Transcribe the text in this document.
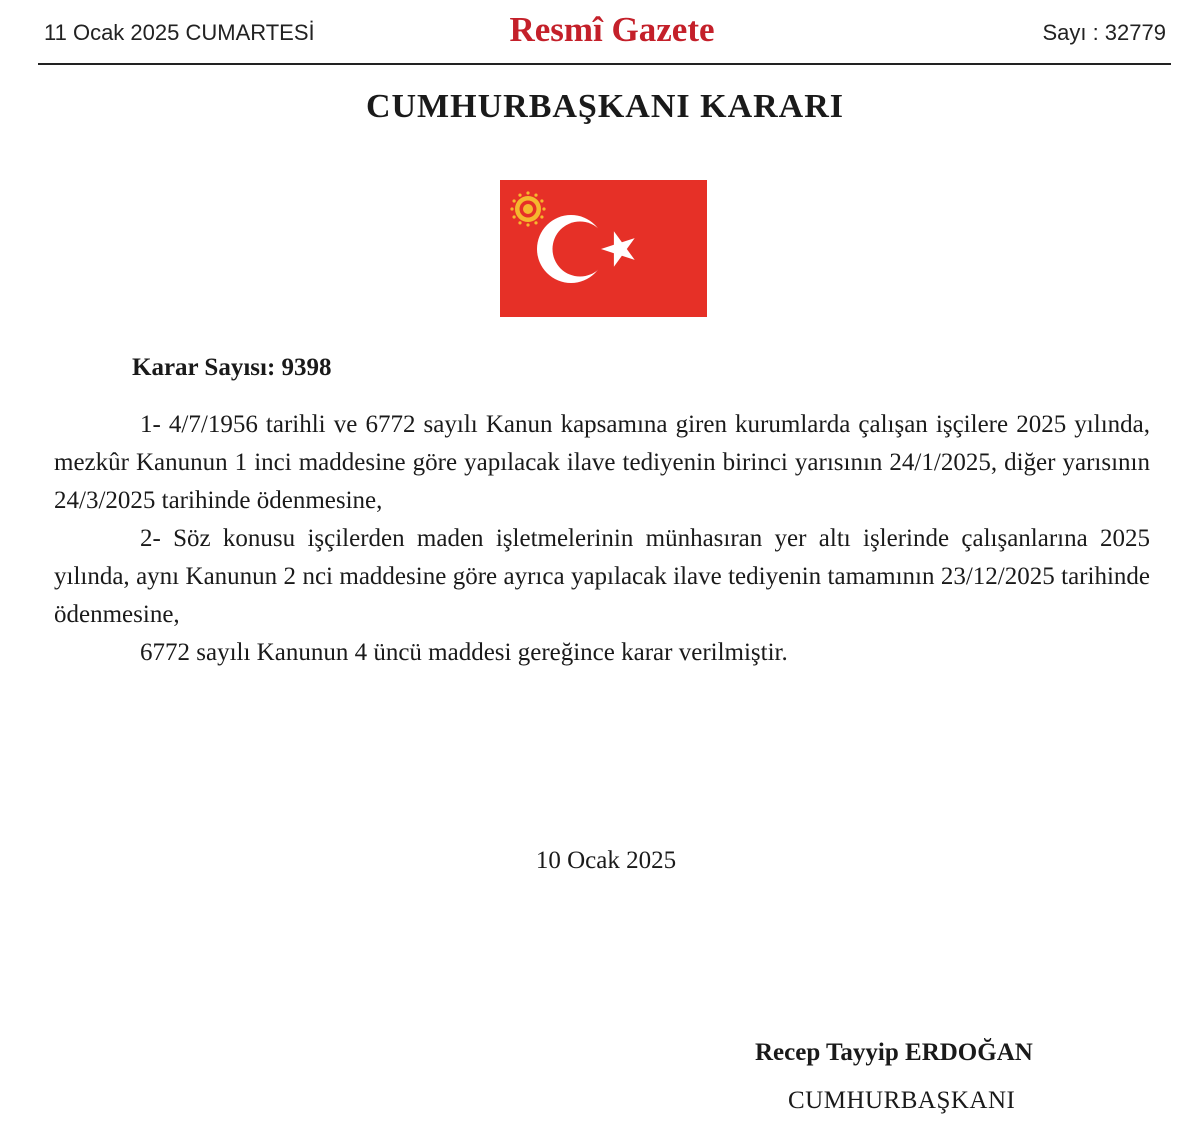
11 Ocak 2025 CUMARTESİ	Resmî Gazete	Sayı : 32779
CUMHURBAŞKANI KARARI
Karar Sayısı: 9398

1- 4/7/1956 tarihli ve 6772 sayılı Kanun kapsamına giren kurumlarda çalışan işçilere 2025 yılında, mezkûr Kanunun 1 inci maddesine göre yapılacak ilave tediyenin birinci yarısının 24/1/2025, diğer yarısının 24/3/2025 tarihinde ödenmesine,

2- Söz konusu işçilerden maden işletmelerinin münhasıran yer altı işlerinde çalışanlarına 2025 yılında, aynı Kanunun 2 nci maddesine göre ayrıca yapılacak ilave tediyenin tamamının 23/12/2025 tarihinde ödenmesine,

6772 sayılı Kanunun 4 üncü maddesi gereğince karar verilmiştir.

10 Ocak 2025
Recep Tayyip ERDOĞAN
CUMHURBAŞKANI
